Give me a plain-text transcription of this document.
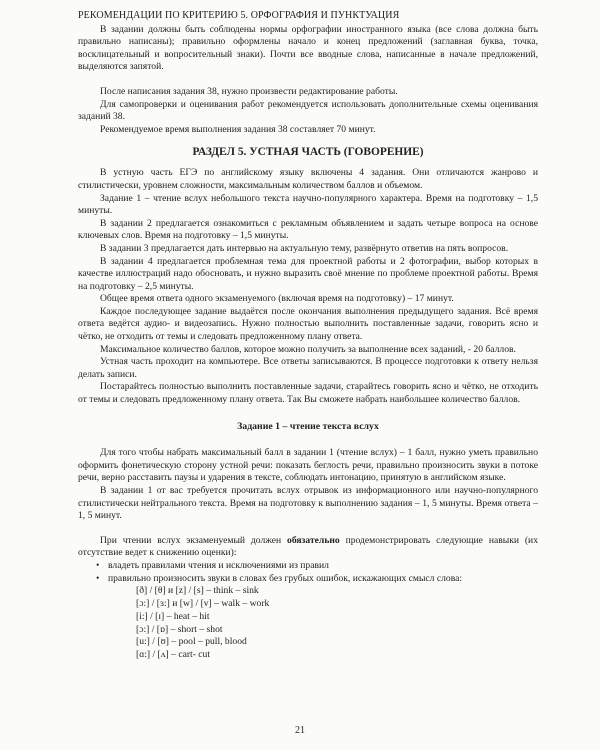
РЕКОМЕНДАЦИИ ПО КРИТЕРИЮ 5. ОРФОГРАФИЯ И ПУНКТУАЦИЯ

В задании должны быть соблюдены нормы орфографии иностранного языка (все слова должна быть правильно написаны); правильно оформлены начало и конец предложений (заглавная буква, точка, восклицательный и вопросительный знаки). Почти все вводные слова, написанные в начале предложений, выделяются запятой.

После написания задания 38, нужно произвести редактирование работы.

Для самопроверки и оценивания работ рекомендуется использовать дополнительные схемы оценивания заданий 38.

Рекомендуемое время выполнения задания 38 составляет 70 минут.

РАЗДЕЛ 5. УСТНАЯ ЧАСТЬ (ГОВОРЕНИЕ)

В устную часть ЕГЭ по английскому языку включены 4 задания. Они отличаются жанрово и стилистически, уровнем сложности, максимальным количеством баллов и объемом.

Задание 1 – чтение вслух небольшого текста научно-популярного характера. Время на подготовку – 1,5 минуты.

В задании 2 предлагается ознакомиться с рекламным объявлением и задать четыре вопроса на основе ключевых слов. Время на подготовку – 1,5 минуты.

В задании 3 предлагается дать интервью на актуальную тему, развёрнуто ответив на пять вопросов.

В задании 4 предлагается проблемная тема для проектной работы и 2 фотографии, выбор которых в качестве иллюстраций надо обосновать, и нужно выразить своё мнение по проблеме проектной работы. Время на подготовку – 2,5 минуты.

Общее время ответа одного экзаменуемого (включая время на подготовку) – 17 минут.

Каждое последующее задание выдаётся после окончания выполнения предыдущего задания. Всё время ответа ведётся аудио- и видеозапись. Нужно полностью выполнить поставленные задачи, говорить ясно и чётко, не отходить от темы и следовать предложенному плану ответа.

Максимальное количество баллов, которое можно получить за выполнение всех заданий, - 20 баллов.

Устная часть проходит на компьютере. Все ответы записываются. В процессе подготовки к ответу нельзя делать записи.

Постарайтесь полностью выполнить поставленные задачи, старайтесь говорить ясно и чётко, не отходить от темы и следовать предложенному плану ответа. Так Вы сможете набрать наибольшее количество баллов.

Задание 1 – чтение текста вслух

Для того чтобы набрать максимальный балл в задании 1 (чтение вслух) – 1 балл, нужно уметь правильно оформить фонетическую сторону устной речи: показать беглость речи, правильно произносить звуки в потоке речи, верно расставить паузы и ударения в тексте, соблюдать интонацию, принятую в английском языке.

В задании 1 от вас требуется прочитать вслух отрывок из информационного или научно-популярного стилистически нейтрального текста. Время на подготовку к выполнению задания – 1, 5 минуты. Время ответа – 1, 5 минут.

При чтении вслух экзаменуемый должен обязательно продемонстрировать следующие навыки (их отсутствие ведет к снижению оценки):

• владеть правилами чтения и исключениями из правил
• правильно произносить звуки в словах без грубых ошибок, искажающих смысл слова:
[ð] / [θ] и [z] / [s] – think – sink
[ɔ:] / [ɜ:] и [w] / [v] – walk – work
[i:] / [ɪ] – heat – hit
[ɔ:] / [ɒ] – short – shot
[u:] / [ʊ] – pool – pull, blood
[ɑ:] / [ʌ] – cart- cut
21
